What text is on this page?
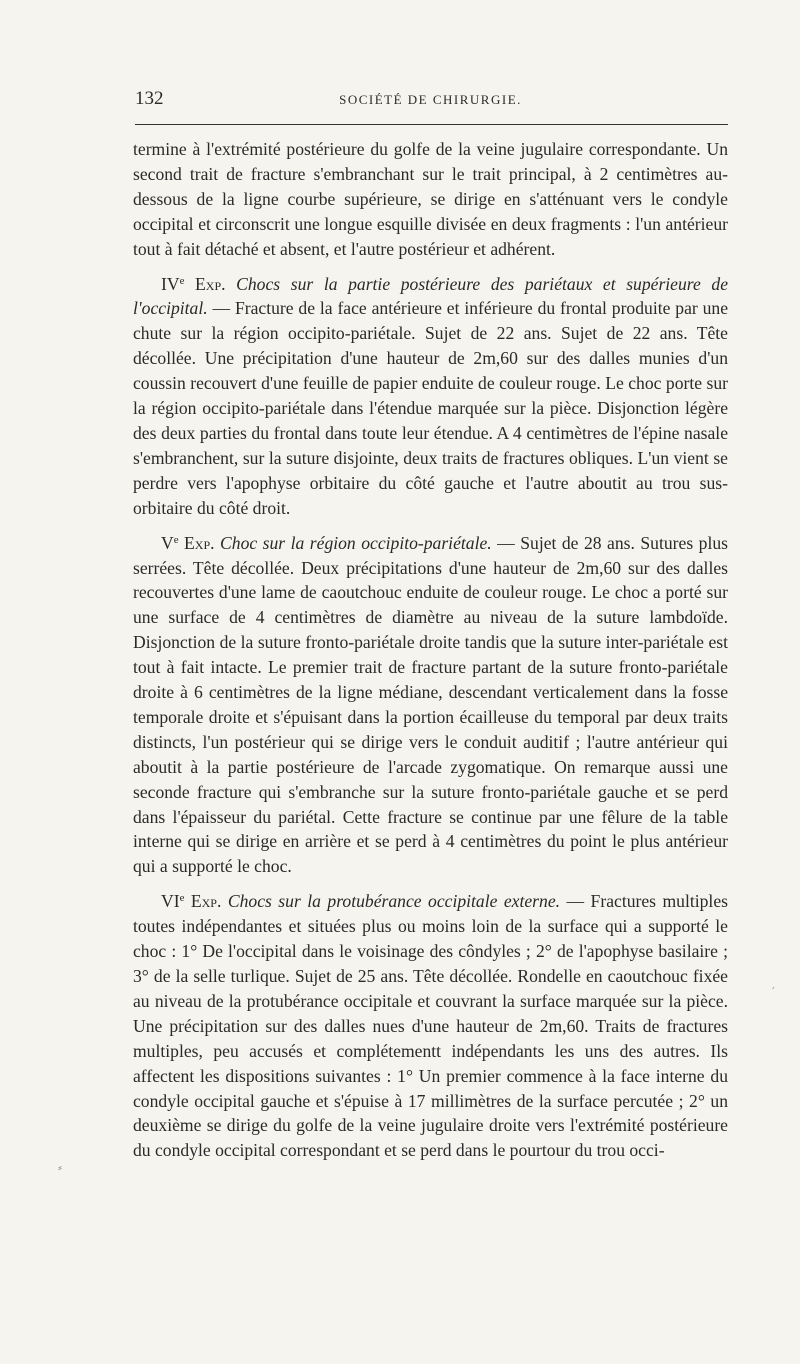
132	SOCIÉTÉ DE CHIRURGIE.

termine à l'extrémité postérieure du golfe de la veine jugulaire correspondante. Un second trait de fracture s'embranchant sur le trait principal, à 2 centimètres au-dessous de la ligne courbe supérieure, se dirige en s'atténuant vers le condyle occipital et circonscrit une longue esquille divisée en deux fragments : l'un antérieur tout à fait détaché et absent, et l'autre postérieur et adhérent.

IVe Exp. Chocs sur la partie postérieure des pariétaux et supérieure de l'occipital. — Fracture de la face antérieure et inférieure du frontal produite par une chute sur la région occipito-pariétale. Sujet de 22 ans. Sujet de 22 ans. Tête décollée. Une précipitation d'une hauteur de 2m,60 sur des dalles munies d'un coussin recouvert d'une feuille de papier enduite de couleur rouge. Le choc porte sur la région occipito-pariétale dans l'étendue marquée sur la pièce. Disjonction légère des deux parties du frontal dans toute leur étendue. A 4 centimètres de l'épine nasale s'embranchent, sur la suture disjointe, deux traits de fractures obliques. L'un vient se perdre vers l'apophyse orbitaire du côté gauche et l'autre aboutit au trou sus-orbitaire du côté droit.

Ve Exp. Choc sur la région occipito-pariétale. — Sujet de 28 ans. Sutures plus serrées. Tête décollée. Deux précipitations d'une hauteur de 2m,60 sur des dalles recouvertes d'une lame de caoutchouc enduite de couleur rouge. Le choc a porté sur une surface de 4 centimètres de diamètre au niveau de la suture lambdoïde. Disjonction de la suture fronto-pariétale droite tandis que la suture inter-pariétale est tout à fait intacte. Le premier trait de fracture partant de la suture fronto-pariétale droite à 6 centimètres de la ligne médiane, descendant verticalement dans la fosse temporale droite et s'épuisant dans la portion écailleuse du temporal par deux traits distincts, l'un postérieur qui se dirige vers le conduit auditif ; l'autre antérieur qui aboutit à la partie postérieure de l'arcade zygomatique. On remarque aussi une seconde fracture qui s'embranche sur la suture fronto-pariétale gauche et se perd dans l'épaisseur du pariétal. Cette fracture se continue par une fêlure de la table interne qui se dirige en arrière et se perd à 4 centimètres du point le plus antérieur qui a supporté le choc.

VIe Exp. Chocs sur la protubérance occipitale externe. — Fractures multiples toutes indépendantes et situées plus ou moins loin de la surface qui a supporté le choc : 1° De l'occipital dans le voisinage des côndyles ; 2° de l'apophyse basilaire ; 3° de la selle turlique. Sujet de 25 ans. Tête décollée. Rondelle en caoutchouc fixée au niveau de la protubérance occipitale et couvrant la surface marquée sur la pièce. Une précipitation sur des dalles nues d'une hauteur de 2m,60. Traits de fractures multiples, peu accusés et complétementt indépendants les uns des autres. Ils affectent les dispositions suivantes : 1° Un premier commence à la face interne du condyle occipital gauche et s'épuise à 17 millimètres de la surface percutée ; 2° un deuxième se dirige du golfe de la veine jugulaire droite vers l'extrémité postérieure du condyle occipital correspondant et se perd dans le pourtour du trou occi-

⸗
′
